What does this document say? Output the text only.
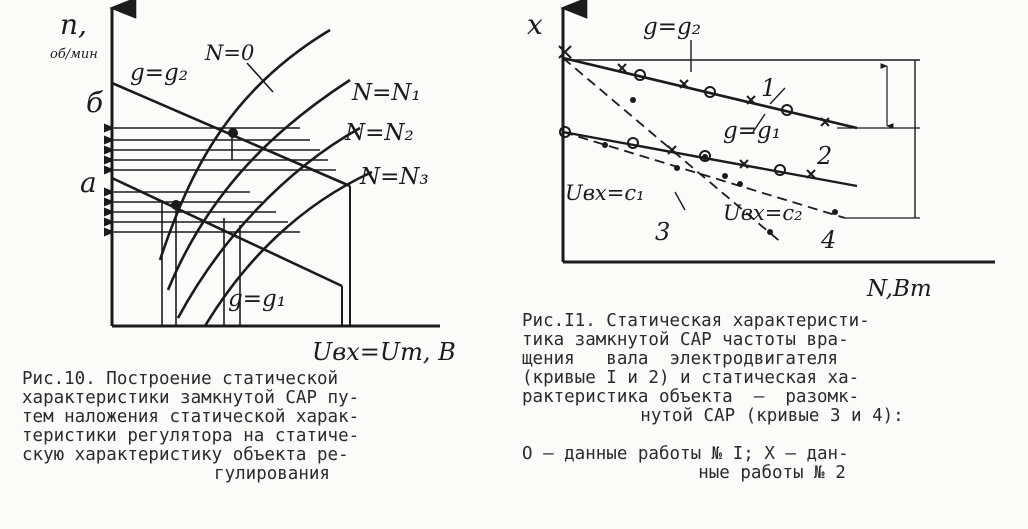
n,
об/мин
б
а
g=g₂
N=0
N=N₁
N=N₂
N=N₃
g=g₁
Uвх=Uт, В
x	g=g₂
1
g=g₁
2
Uвх=c₁
Uвх=c₂
3	4
N,Вт
Рис.10. Построение статической
характеристики замкнутой САР пу-
тем наложения статической харак-
теристики регулятора на статиче-
скую характеристику объекта ре-
гулирования
Рис.I1. Статическая характеристи-
тика замкнутой САР частоты вра-
щения   вала  электродвигателя
(кривые I и 2) и статическая ха-
рактеристика объекта  –  разомк-
нутой САР (кривые 3 и 4):

O – данные работы № I; X – дан-
ные работы № 2
